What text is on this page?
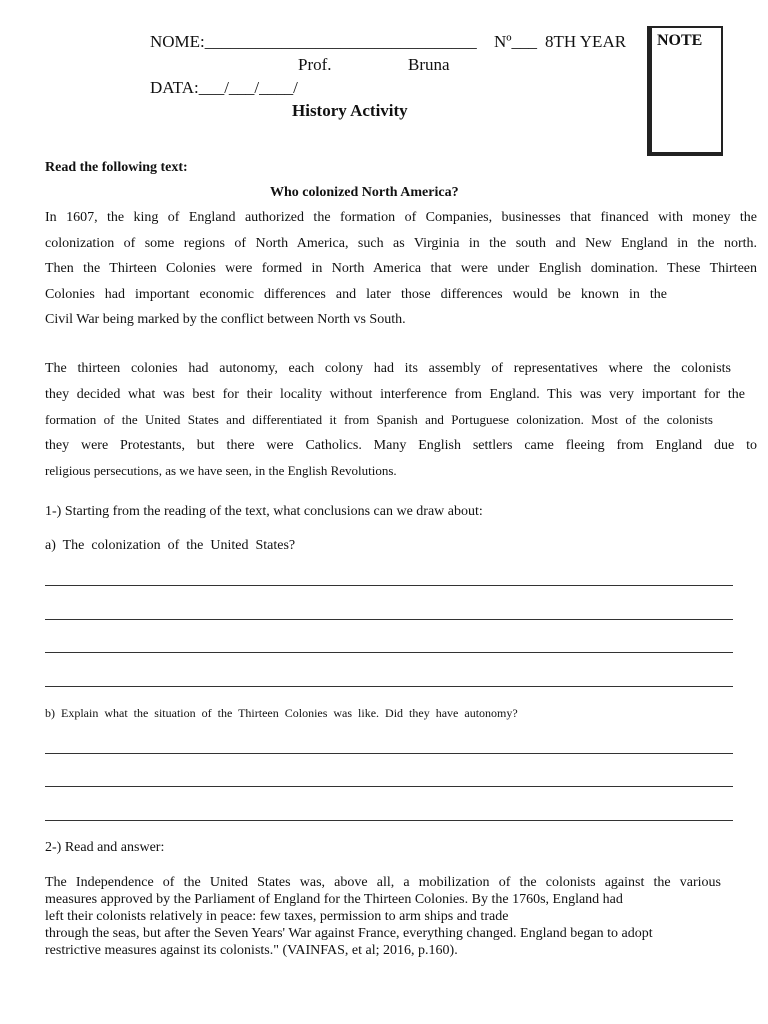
NOME:________________________________ Nº___ 8TH YEAR
Prof.	Bruna
DATA:___/___/____/
History Activity
NOTE
Read the following text:
Who colonized North America?
In 1607, the king of England authorized the formation of Companies, businesses that financed with money the
colonization of some regions of North America, such as Virginia in the south and New England in the north.
Then the Thirteen Colonies were formed in North America that were under English domination. These Thirteen
Colonies had important economic differences and later those differences would be known in the
Civil War being marked by the conflict between North vs South.
The thirteen colonies had autonomy, each colony had its assembly of representatives where the colonists
they decided what was best for their locality without interference from England. This was very important for the
formation of the United States and differentiated it from Spanish and Portuguese colonization. Most of the colonists
they were Protestants, but there were Catholics. Many English settlers came fleeing from England due to
religious persecutions, as we have seen, in the English Revolutions.
1-) Starting from the reading of the text, what conclusions can we draw about:
a)  The  colonization  of  the  United  States?
b)  Explain  what  the  situation  of  the  Thirteen  Colonies  was  like.  Did  they  have  autonomy?
2-) Read and answer:
The Independence of the United States was, above all, a mobilization of the colonists against the various
measures approved by the Parliament of England for the Thirteen Colonies. By the 1760s, England had
left their colonists relatively in peace: few taxes, permission to arm ships and trade
through the seas, but after the Seven Years' War against France, everything changed. England began to adopt
restrictive measures against its colonists." (VAINFAS, et al; 2016, p.160).
